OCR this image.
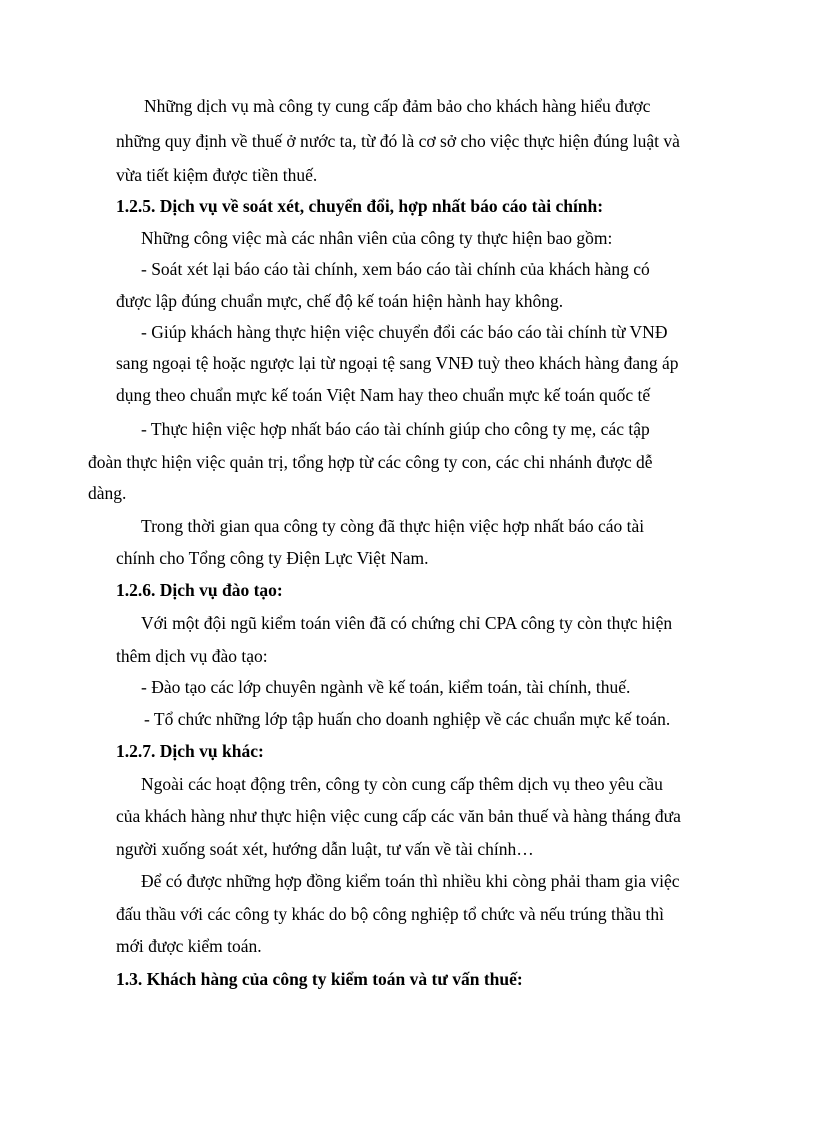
Những dịch vụ mà công ty cung cấp đảm bảo cho khách hàng hiểu được

những quy định về thuế ở nước ta, từ đó là cơ sở cho việc thực hiện đúng luật và

vừa tiết kiệm được tiền thuế.

1.2.5. Dịch vụ về soát xét, chuyển đổi, hợp nhất báo cáo tài chính:

Những công việc mà các nhân viên của công ty thực hiện bao gồm:

- Soát xét lại báo cáo tài chính, xem báo cáo tài chính của khách hàng có

được lập đúng chuẩn mực, chế độ kế toán hiện hành hay không.

- Giúp khách hàng thực hiện việc chuyển đổi các báo cáo tài chính từ VNĐ

sang ngoại tệ hoặc ngược lại từ ngoại tệ sang VNĐ tuỳ theo khách hàng đang áp

dụng theo chuẩn mực kế toán Việt Nam hay theo chuẩn mực kế toán quốc tế

- Thực hiện việc hợp nhất báo cáo tài chính giúp cho công ty mẹ, các tập

đoàn thực hiện việc quản trị, tổng hợp từ các công ty con, các chi nhánh được dễ

dàng.

Trong thời gian qua công ty còng đã thực hiện việc hợp nhất báo cáo tài

chính cho Tổng công ty Điện Lực Việt Nam.

1.2.6. Dịch vụ đào tạo:

Với một đội ngũ kiểm toán viên đã có chứng chỉ CPA công ty còn thực hiện

thêm dịch vụ đào tạo:

- Đào tạo các lớp chuyên ngành về kế toán, kiểm toán, tài chính, thuế.

- Tổ chức những lớp tập huấn cho doanh nghiệp về các chuẩn mực kế toán.

1.2.7. Dịch vụ khác:

Ngoài các hoạt động trên, công ty còn cung cấp thêm dịch vụ theo yêu cầu

của khách hàng như thực hiện việc cung cấp các văn bản thuế và hàng tháng đưa

người xuống soát xét, hướng dẫn luật, tư vấn về tài chính…

Để có được những hợp đồng kiểm toán thì nhiều khi còng phải tham gia việc

đấu thầu với các công ty khác do bộ công nghiệp tổ chức và nếu trúng thầu thì

mới được kiểm toán.

1.3. Khách hàng của công ty kiểm toán và tư vấn thuế:
